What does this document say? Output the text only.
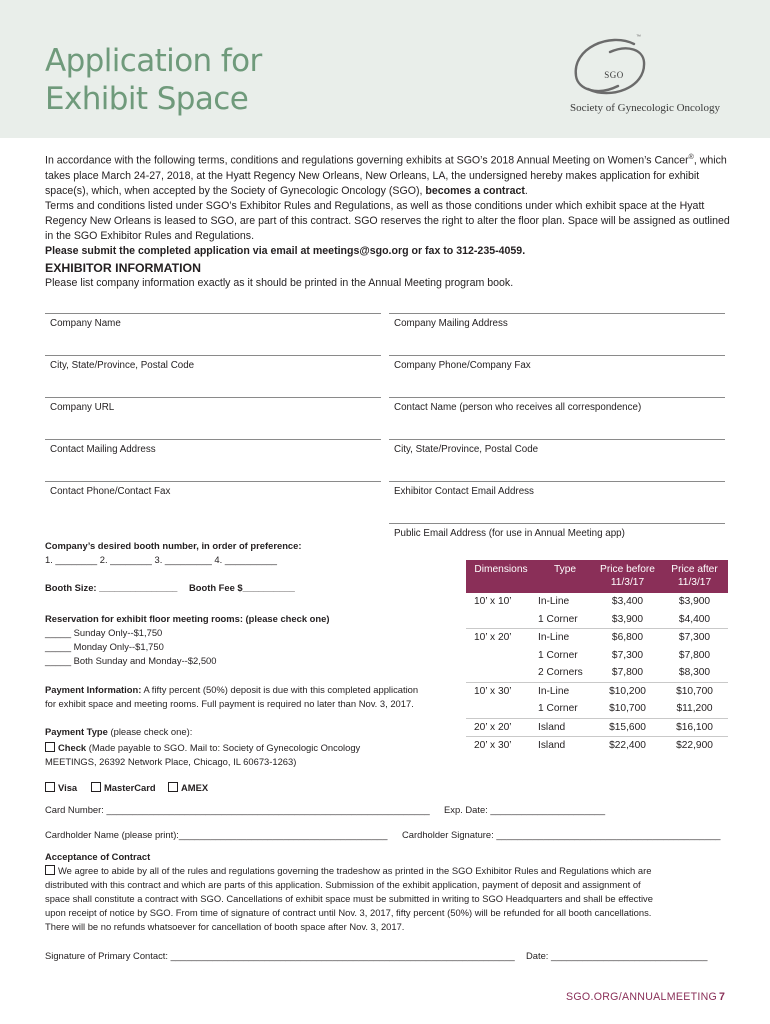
Application for
Exhibit Space
™
SGO
Society of Gynecologic Oncology

In accordance with the following terms, conditions and regulations governing exhibits at SGO’s 2018 Annual Meeting on Women’s Cancer®, which takes place March 24-27, 2018, at the Hyatt Regency New Orleans, New Orleans, LA, the undersigned hereby makes application for exhibit space(s), which, when accepted by the Society of Gynecologic Oncology (SGO), becomes a contract.

Terms and conditions listed under SGO’s Exhibitor Rules and Regulations, as well as those conditions under which exhibit space at the Hyatt Regency New Orleans is leased to SGO, are part of this contract. SGO reserves the right to alter the floor plan. Space will be assigned as outlined in the SGO Exhibitor Rules and Regulations.

Please submit the completed application via email at meetings@sgo.org or fax to 312-235-4059.

EXHIBITOR INFORMATION

Please list company information exactly as it should be printed in the Annual Meeting program book.

Company Name	Company Mailing Address
City, State/Province, Postal Code	Company Phone/Company Fax
Company URL	Contact Name (person who receives all correspondence)
Contact Mailing Address	City, State/Province, Postal Code
Contact Phone/Contact Fax	Exhibitor Contact Email Address
Public Email Address (for use in Annual Meeting app)

Company’s desired booth number, in order of preference:

1. ________ 2. ________ 3. _________ 4. __________

Booth Size: _______________ Booth Fee $__________

Reservation for exhibit floor meeting rooms: (please check one)

_____ Sunday Only--$1,750

_____ Monday Only--$1,750

_____ Both Sunday and Monday--$2,500

Payment Information: A fifty percent (50%) deposit is due with this completed application

for exhibit space and meeting rooms. Full payment is required no later than Nov. 3, 2017.

Payment Type (please check one):

Check (Made payable to SGO. Mail to: Society of Gynecologic Oncology

MEETINGS, 26392 Network Place, Chicago, IL 60673-1263)

Visa	MasterCard	AMEX

Card Number: ______________________________________________________________ Exp. Date: ______________________

Cardholder Name (please print):________________________________________ Cardholder Signature: ___________________________________________

Dimensions	Type	Price before 11/3/17	Price after 11/3/17
10’ x 10’	In-Line	$3,400	$3,900
	1 Corner	$3,900	$4,400
10’ x 20’	In-Line	$6,800	$7,300
	1 Corner	$7,300	$7,800
	2 Corners	$7,800	$8,300
10’ x 30’	In-Line	$10,200	$10,700
	1 Corner	$10,700	$11,200
20’ x 20’	Island	$15,600	$16,100
20’ x 30’	Island	$22,400	$22,900

Acceptance of Contract

We agree to abide by all of the rules and regulations governing the tradeshow as printed in the SGO Exhibitor Rules and Regulations which are

distributed with this contract and which are parts of this application. Submission of the exhibit application, payment of deposit and assignment of

space shall constitute a contract with SGO. Cancellations of exhibit space must be submitted in writing to SGO Headquarters and shall be effective

upon receipt of notice by SGO. From time of signature of contract until Nov. 3, 2017, fifty percent (50%) will be refunded for all booth cancellations.

There will be no refunds whatsoever for cancellation of booth space after Nov. 3, 2017.

Signature of Primary Contact: __________________________________________________________________ Date: ______________________________

SGO.ORG/ANNUALMEETING 7
